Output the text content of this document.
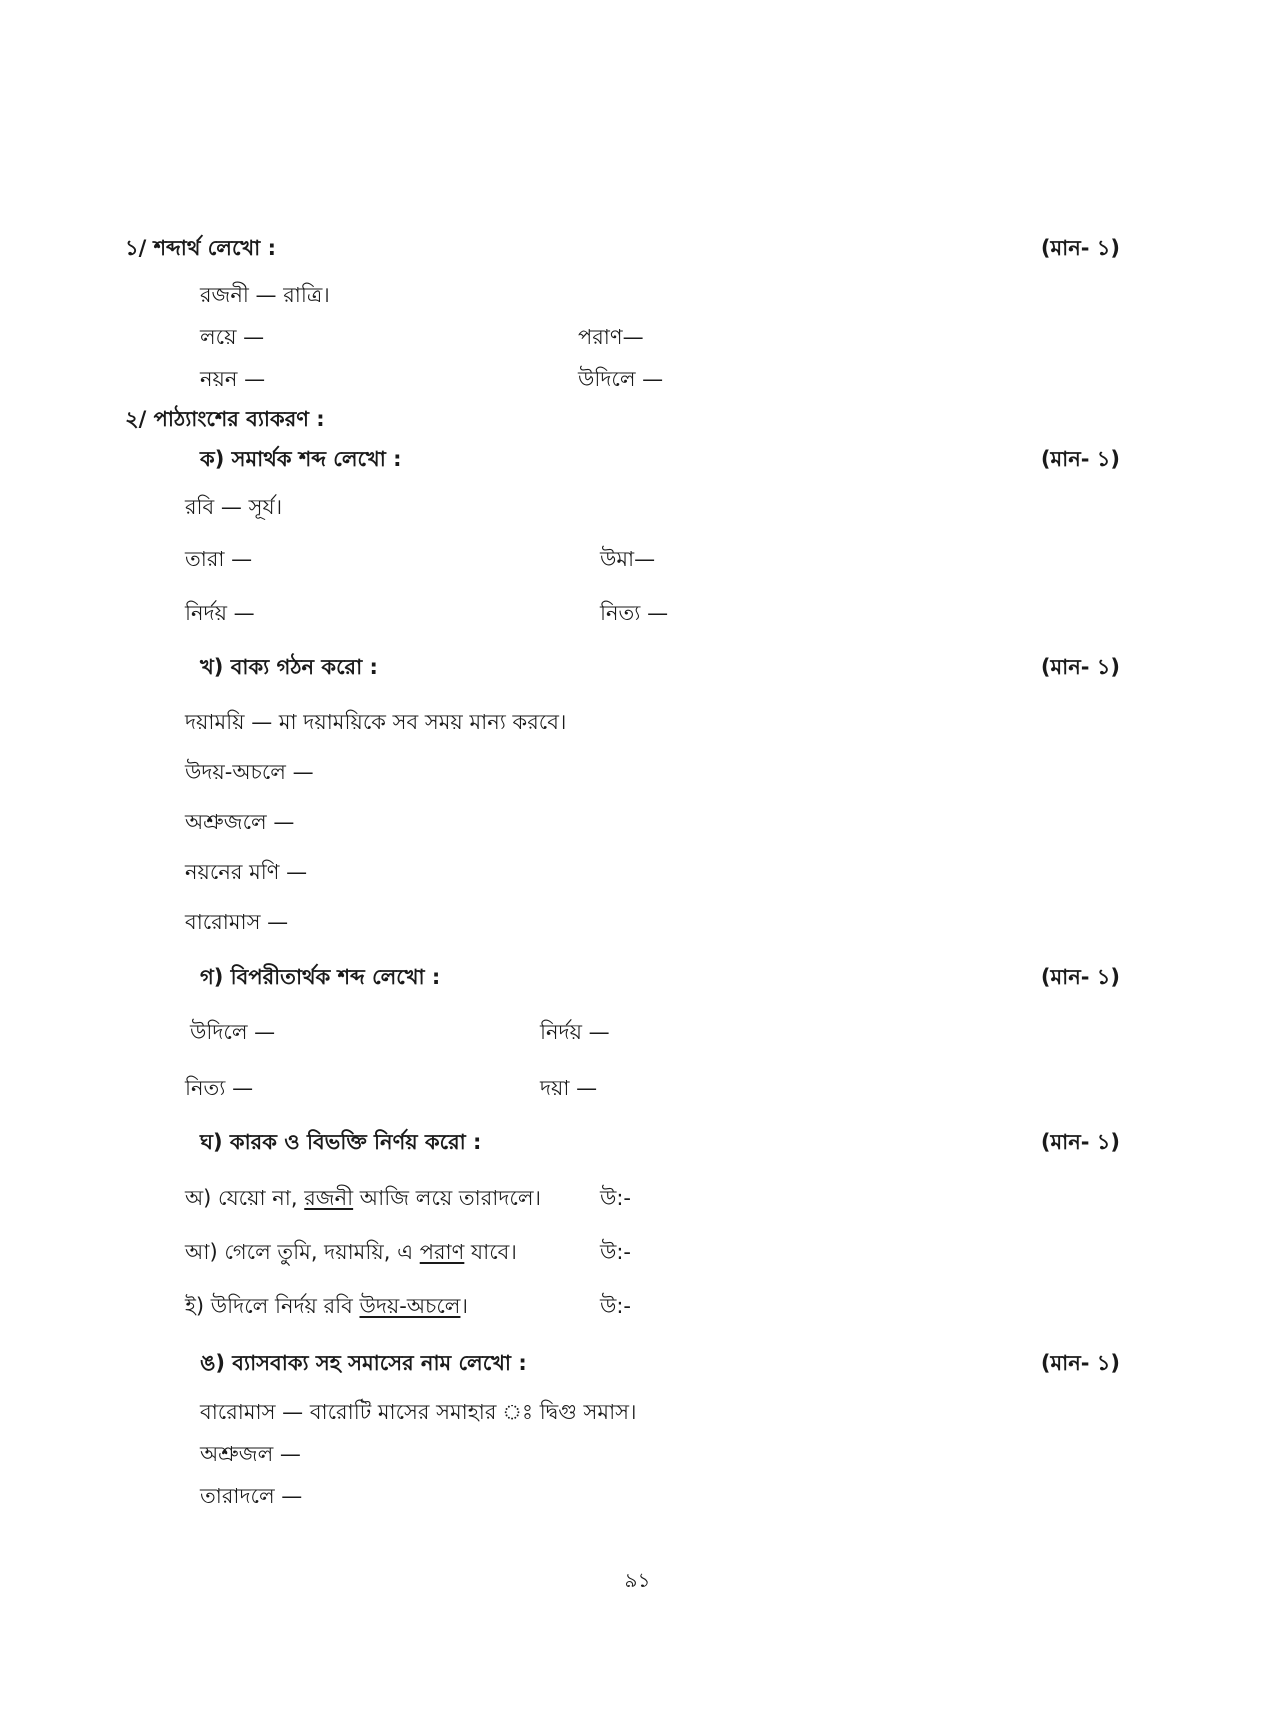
১/ শব্দার্থ লেখো :	(মান- ১)
রজনী — রাত্রি।
লয়ে —	পরাণ—
নয়ন —	উদিলে —
২/ পাঠ্যাংশের ব্যাকরণ :
ক) সমার্থক শব্দ লেখো :	(মান- ১)
রবি — সূর্য।
তারা —	উমা—
নির্দয় —	নিত্য —
খ) বাক্য গঠন করো :	(মান- ১)
দয়াময়ি — মা দয়াময়িকে সব সময় মান্য করবে।
উদয়-অচলে —
অশ্রুজলে —
নয়নের মণি —
বারোমাস —
গ) বিপরীতার্থক শব্দ লেখো :	(মান- ১)
উদিলে —	নির্দয় —
নিত্য —	দয়া —
ঘ) কারক ও বিভক্তি নির্ণয় করো :	(মান- ১)
অ) যেয়ো না, রজনী আজি লয়ে তারাদলে।	উ:-
আ) গেলে তুমি, দয়াময়ি, এ পরাণ যাবে।	উ:-
ই) উদিলে নির্দয় রবি উদয়-অচলে।	উ:-
ঙ) ব্যাসবাক্য সহ সমাসের নাম লেখো :	(মান- ১)
বারোমাস — বারোটি মাসের সমাহার ঃ দ্বিগু সমাস।
অশ্রুজল —
তারাদলে —
৯১
